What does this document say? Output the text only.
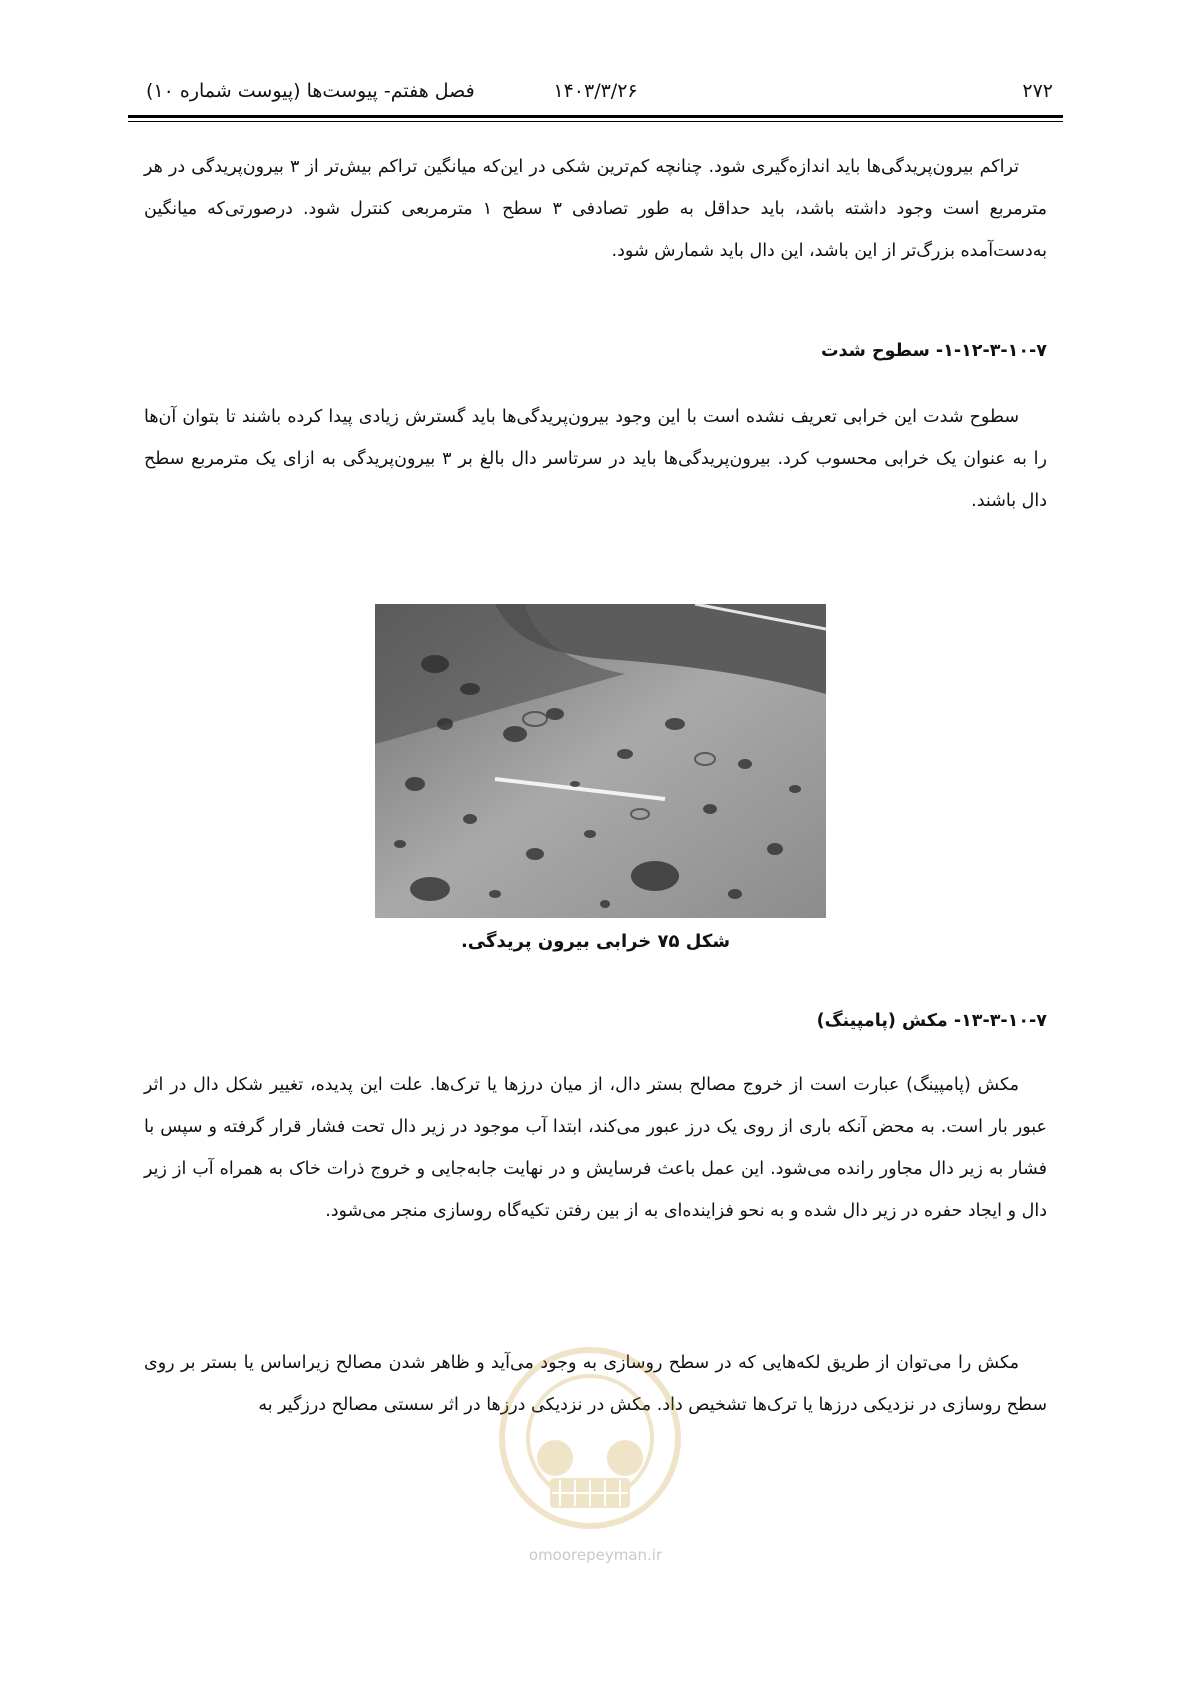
۲۷۲
۱۴۰۳/۳/۲۶
فصل هفتم- پیوست‌ها (پیوست شماره ۱۰)
تراکم بیرون‌پریدگی‌ها باید اندازه‌گیری شود. چنانچه کم‌ترین شکی در این‌که میانگین تراکم بیش‌تر از ۳ بیرون‌پریدگی در هر مترمربع است وجود داشته باشد، باید حداقل به طور تصادفی ۳ سطح ۱ مترمربعی کنترل شود. درصورتی‌که میانگین به‌دست‌آمده بزرگ‌تر از این باشد، این دال باید شمارش شود.
۱-۱۲-۳-۱۰-۷- سطوح شدت
سطوح شدت این خرابی تعریف نشده است با این وجود بیرون‌پریدگی‌ها باید گسترش زیادی پیدا کرده باشند تا بتوان آن‌ها را به عنوان یک خرابی محسوب کرد. بیرون‌پریدگی‌ها باید در سرتاسر دال بالغ بر ۳ بیرون‌پریدگی به ازای یک مترمربع سطح دال باشند.
شکل ۷۵ خرابی بیرون پریدگی.
۱۳-۳-۱۰-۷- مکش (پامپینگ)
مکش (پامپینگ) عبارت است از خروج مصالح بستر دال، از میان درزها یا ترک‌ها. علت این پدیده، تغییر شکل دال در اثر عبور بار است. به محض آنکه باری از روی یک درز عبور می‌کند، ابتدا آب موجود در زیر دال تحت فشار قرار گرفته و سپس با فشار به زیر دال مجاور رانده می‌شود. این عمل باعث فرسایش و در نهایت جابه‌جایی و خروج ذرات خاک به همراه آب از زیر دال و ایجاد حفره در زیر دال شده و به نحو فزاینده‌ای به از بین رفتن تکیه‌گاه روسازی منجر می‌شود.
مکش را می‌توان از طریق لکه‌هایی که در سطح روسازی به وجود می‌آید و ظاهر شدن مصالح زیراساس یا بستر بر روی سطح روسازی در نزدیکی درزها یا ترک‌ها تشخیص داد. مکش در نزدیکی درزها در اثر سستی مصالح درزگیر به
omoorepeyman.ir
